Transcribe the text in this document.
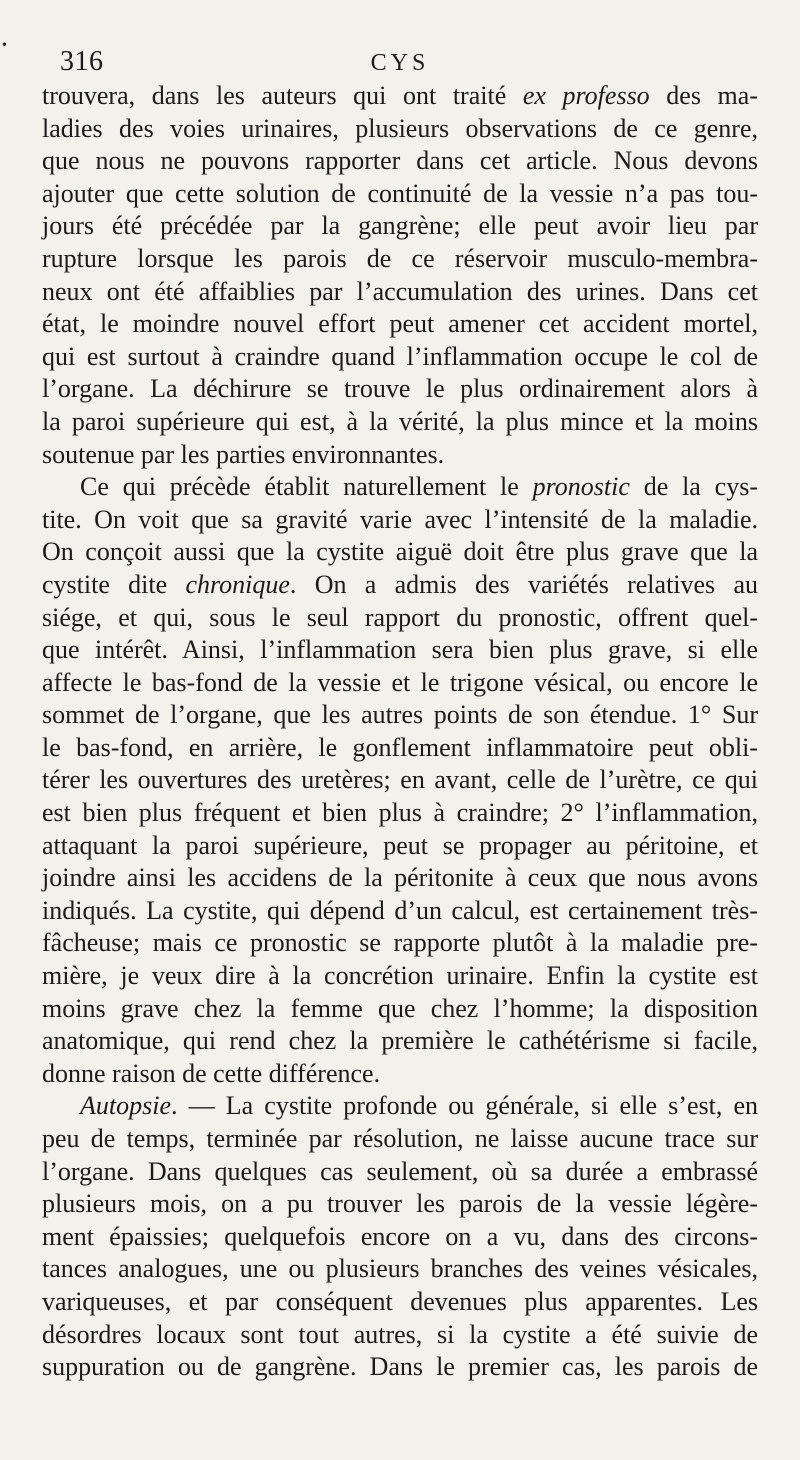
•
316	CYS

trouvera, dans les auteurs qui ont traité ex professo des ma-
ladies des voies urinaires, plusieurs observations de ce genre,
que nous ne pouvons rapporter dans cet article. Nous devons
ajouter que cette solution de continuité de la vessie n’a pas tou-
jours été précédée par la gangrène; elle peut avoir lieu par
rupture lorsque les parois de ce réservoir musculo-membra-
neux ont été affaiblies par l’accumulation des urines. Dans cet
état, le moindre nouvel effort peut amener cet accident mortel,
qui est surtout à craindre quand l’inflammation occupe le col de
l’organe. La déchirure se trouve le plus ordinairement alors à
la paroi supérieure qui est, à la vérité, la plus mince et la moins
soutenue par les parties environnantes.

Ce qui précède établit naturellement le pronostic de la cys-
tite. On voit que sa gravité varie avec l’intensité de la maladie.
On conçoit aussi que la cystite aiguë doit être plus grave que la
cystite dite chronique. On a admis des variétés relatives au
siége, et qui, sous le seul rapport du pronostic, offrent quel-
que intérêt. Ainsi, l’inflammation sera bien plus grave, si elle
affecte le bas-fond de la vessie et le trigone vésical, ou encore le
sommet de l’organe, que les autres points de son étendue. 1° Sur
le bas-fond, en arrière, le gonflement inflammatoire peut obli-
térer les ouvertures des uretères; en avant, celle de l’urètre, ce qui
est bien plus fréquent et bien plus à craindre; 2° l’inflammation,
attaquant la paroi supérieure, peut se propager au péritoine, et
joindre ainsi les accidens de la péritonite à ceux que nous avons
indiqués. La cystite, qui dépend d’un calcul, est certainement très-
fâcheuse; mais ce pronostic se rapporte plutôt à la maladie pre-
mière, je veux dire à la concrétion urinaire. Enfin la cystite est
moins grave chez la femme que chez l’homme; la disposition
anatomique, qui rend chez la première le cathétérisme si facile,
donne raison de cette différence.

Autopsie. — La cystite profonde ou générale, si elle s’est, en
peu de temps, terminée par résolution, ne laisse aucune trace sur
l’organe. Dans quelques cas seulement, où sa durée a embrassé
plusieurs mois, on a pu trouver les parois de la vessie légère-
ment épaissies; quelquefois encore on a vu, dans des circons-
tances analogues, une ou plusieurs branches des veines vésicales,
variqueuses, et par conséquent devenues plus apparentes. Les
désordres locaux sont tout autres, si la cystite a été suivie de
suppuration ou de gangrène. Dans le premier cas, les parois de
